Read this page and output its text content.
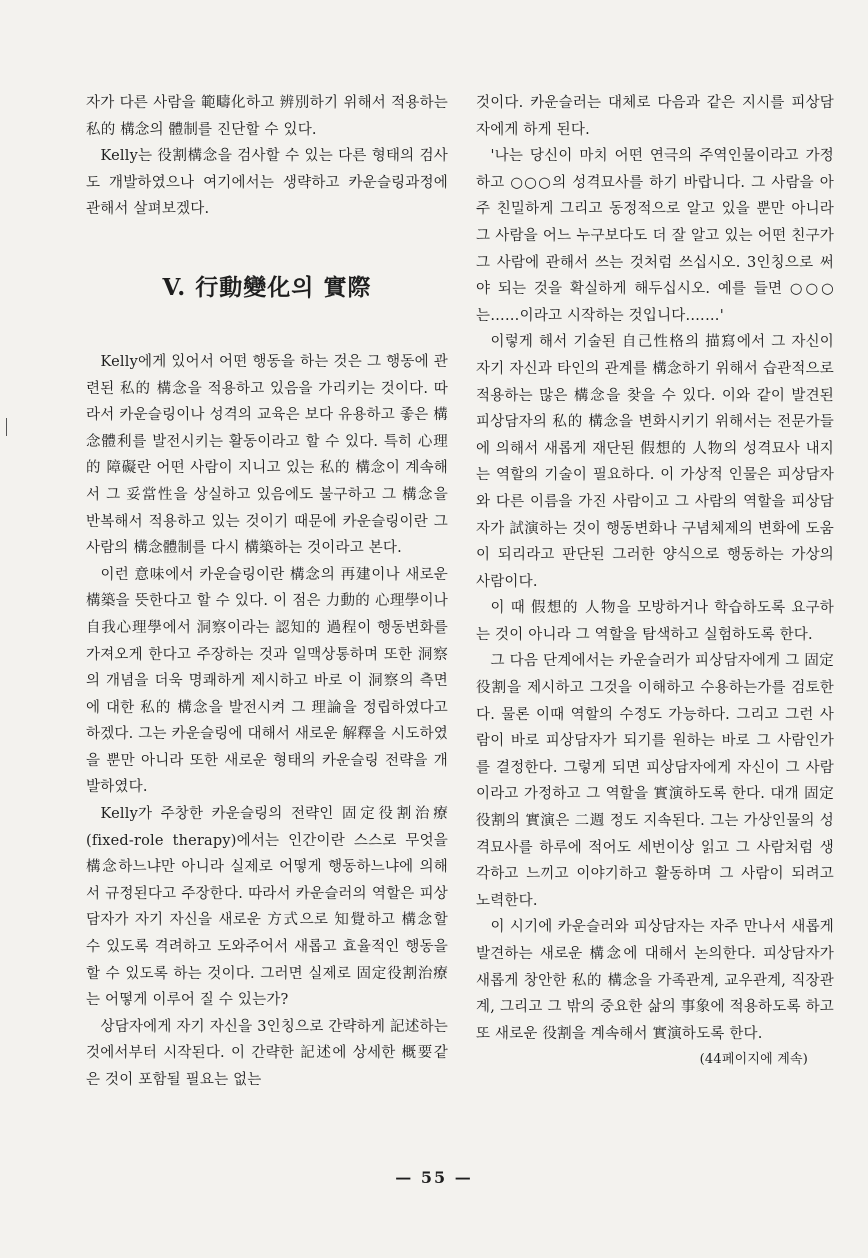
자가 다른 사람을 範疇化하고 辨別하기 위해서 적용하는 私的 構念의 體制를 진단할 수 있다.

Kelly는 役割構念을 검사할 수 있는 다른 형태의 검사도 개발하였으나 여기에서는 생략하고 카운슬링과정에 관해서 살펴보겠다.

V. 行動變化의 實際

Kelly에게 있어서 어떤 행동을 하는 것은 그 행동에 관련된 私的 構念을 적용하고 있음을 가리키는 것이다. 따라서 카운슬링이나 성격의 교육은 보다 유용하고 좋은 構念體利를 발전시키는 활동이라고 할 수 있다. 특히 心理的 障礙란 어떤 사람이 지니고 있는 私的 構念이 계속해서 그 妥當性을 상실하고 있음에도 불구하고 그 構念을 반복해서 적용하고 있는 것이기 때문에 카운슬링이란 그 사람의 構念體制를 다시 構築하는 것이라고 본다.

이런 意味에서 카운슬링이란 構念의 再建이나 새로운 構築을 뜻한다고 할 수 있다. 이 점은 力動的 心理學이나 自我心理學에서 洞察이라는 認知的 過程이 행동변화를 가져오게 한다고 주장하는 것과 일맥상통하며 또한 洞察의 개념을 더욱 명쾌하게 제시하고 바로 이 洞察의 측면에 대한 私的 構念을 발전시켜 그 理論을 정립하였다고 하겠다. 그는 카운슬링에 대해서 새로운 解釋을 시도하였을 뿐만 아니라 또한 새로운 형태의 카운슬링 전략을 개발하였다.

Kelly가 주창한 카운슬링의 전략인 固定役割治療(fixed-role therapy)에서는 인간이란 스스로 무엇을 構念하느냐만 아니라 실제로 어떻게 행동하느냐에 의해서 규정된다고 주장한다. 따라서 카운슬러의 역할은 피상담자가 자기 자신을 새로운 方式으로 知覺하고 構念할 수 있도록 격려하고 도와주어서 새롭고 효율적인 행동을 할 수 있도록 하는 것이다. 그러면 실제로 固定役割治療는 어떻게 이루어 질 수 있는가?

상담자에게 자기 자신을 3인칭으로 간략하게 記述하는 것에서부터 시작된다. 이 간략한 記述에 상세한 概要같은 것이 포함될 필요는 없는

것이다. 카운슬러는 대체로 다음과 같은 지시를 피상담자에게 하게 된다.

'나는 당신이 마치 어떤 연극의 주역인물이라고 가정하고 ○○○의 성격묘사를 하기 바랍니다. 그 사람을 아주 친밀하게 그리고 동정적으로 알고 있을 뿐만 아니라 그 사람을 어느 누구보다도 더 잘 알고 있는 어떤 친구가 그 사람에 관해서 쓰는 것처럼 쓰십시오. 3인칭으로 써야 되는 것을 확실하게 해두십시오. 예를 들면 ○○○는……이라고 시작하는 것입니다.……'

이렇게 해서 기술된 自己性格의 描寫에서 그 자신이 자기 자신과 타인의 관계를 構念하기 위해서 습관적으로 적용하는 많은 構念을 찾을 수 있다. 이와 같이 발견된 피상담자의 私的 構念을 변화시키기 위해서는 전문가들에 의해서 새롭게 재단된 假想的 人物의 성격묘사 내지는 역할의 기술이 필요하다. 이 가상적 인물은 피상담자와 다른 이름을 가진 사람이고 그 사람의 역할을 피상담자가 試演하는 것이 행동변화나 구념체제의 변화에 도움이 되리라고 판단된 그러한 양식으로 행동하는 가상의 사람이다.

이 때 假想的 人物을 모방하거나 학습하도록 요구하는 것이 아니라 그 역할을 탐색하고 실험하도록 한다.

그 다음 단계에서는 카운슬러가 피상담자에게 그 固定役割을 제시하고 그것을 이해하고 수용하는가를 검토한다. 물론 이때 역할의 수정도 가능하다. 그리고 그런 사람이 바로 피상담자가 되기를 원하는 바로 그 사람인가를 결정한다. 그렇게 되면 피상담자에게 자신이 그 사람이라고 가정하고 그 역할을 實演하도록 한다. 대개 固定役割의 實演은 二週 정도 지속된다. 그는 가상인물의 성격묘사를 하루에 적어도 세번이상 읽고 그 사람처럼 생각하고 느끼고 이야기하고 활동하며 그 사람이 되려고 노력한다.

이 시기에 카운슬러와 피상담자는 자주 만나서 새롭게 발견하는 새로운 構念에 대해서 논의한다. 피상담자가 새롭게 창안한 私的 構念을 가족관계, 교우관계, 직장관계, 그리고 그 밖의 중요한 삶의 事象에 적용하도록 하고 또 새로운 役割을 계속해서 實演하도록 한다.

(44페이지에 계속)

— 55 —
